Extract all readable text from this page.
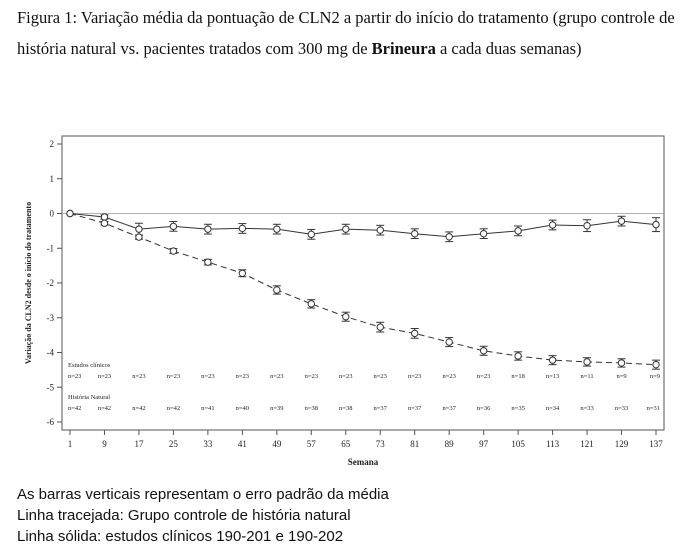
Figura 1: Variação média da pontuação de CLN2 a partir do início do tratamento (grupo controle de história natural vs. pacientes tratados com 300 mg de Brineura a cada duas semanas)
-6
-5
-4
-3
-2
-1
0
1
2
1	9	17	25	33	41	49	57	65	73	81	89	97	105 113 121 129 137
Semana
Variação da CLN2 desde o início do tratamento
Estudos clínicos
n=23	n=23	n=23	n=23	n=23	n=23	n=23	n=23	n=23	n=23	n=23	n=23	n=23	n=18	n=13	n=11	n=9	n=9
História Natural
n=42	n=42	n=42	n=42	n=41	n=40	n=39	n=38	n=38	n=37	n=37	n=37	n=36	n=35	n=34	n=33	n=33	n=31
As barras verticais representam o erro padrão da média
Linha tracejada: Grupo controle de história natural
Linha sólida: estudos clínicos 190-201 e 190-202
